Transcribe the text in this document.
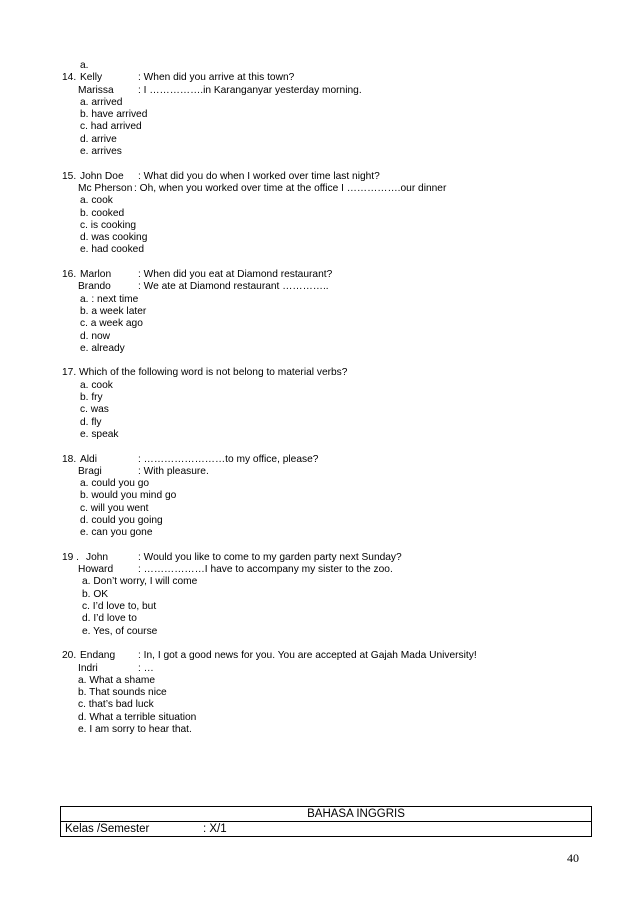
a.
14. Kelly	: When did you arrive at this town?
Marissa : I …………….in Karanganyar yesterday morning.
a. arrived
b. have arrived
c. had arrived
d. arrive
e. arrives
15. John Doe : What did you do when I worked over time last night?
Mc Pherson : Oh, when you worked over time at the office I …………….our dinner
a. cook
b. cooked
c. is cooking
d. was cooking
e. had cooked
16. Marlon	: When did you eat at Diamond restaurant?
Brando	: We ate at Diamond restaurant …………..
a. : next time
b. a week later
c. a week ago
d. now
e. already
17. Which of the following word is not belong to material verbs?
a. cook
b. fry
c. was
d. fly
e. speak
18. Aldi	: ……………………to my office, please?
Bragi	: With pleasure.
a. could you go
b. would you mind go
c. will you went
d. could you going
e. can you gone
19 . John	: Would you like to come to my garden party next Sunday?
Howard : ………………I have to accompany my sister to the zoo.
a. Don’t worry, I will come
b. OK
c. I’d love to, but
d. I’d love to
e. Yes, of course
20. Endang : In, I got a good news for you. You are accepted at Gajah Mada University!
Indri	: …
a. What a shame
b. That sounds nice
c. that’s bad luck
d. What a terrible situation
e. I am sorry to hear that.
BAHASA INGGRIS
Kelas /Semester	: X/1
40
